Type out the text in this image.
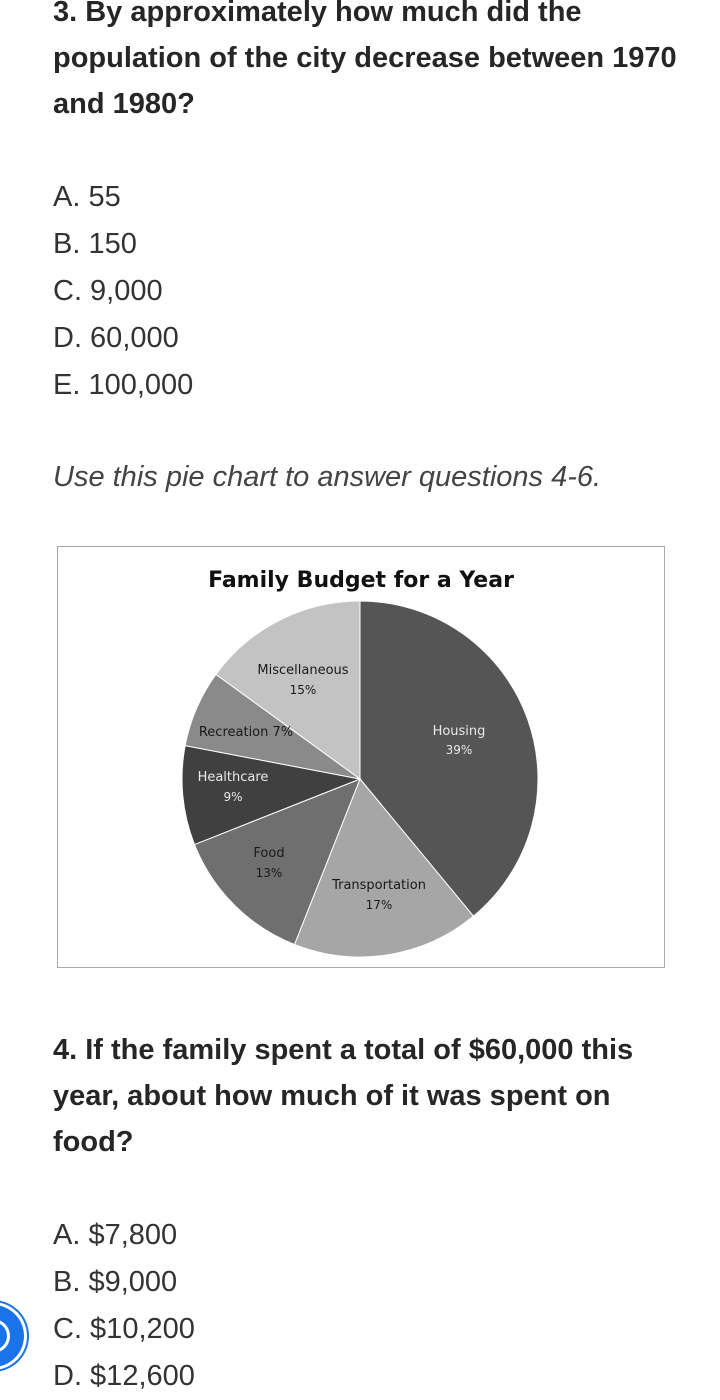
3. By approximately how much did the population of the city decrease between 1970 and 1980?
A. 55
B. 150
C. 9,000
D. 60,000
E. 100,000
Use this pie chart to answer questions 4-6.
Family Budget for a Year
Housing
39%
Transportation
17%
Food
13%
Healthcare
9%
Recreation 7%
Miscellaneous
15%
4. If the family spent a total of $60,000 this year, about how much of it was spent on food?
A. $7,800
B. $9,000
C. $10,200
D. $12,600
